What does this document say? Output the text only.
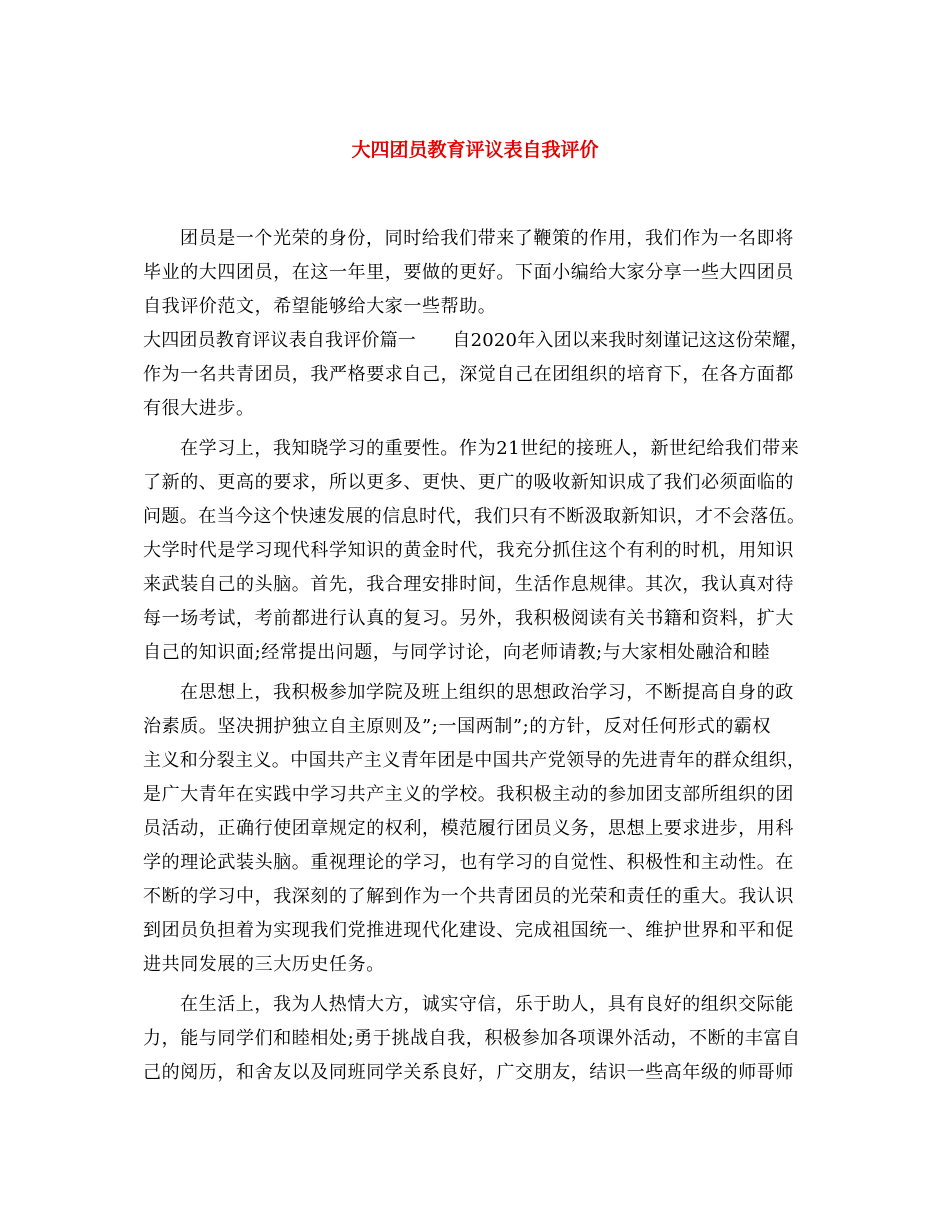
大四团员教育评议表自我评价
团员是一个光荣的身份，同时给我们带来了鞭策的作用，我们作为一名即将
毕业的大四团员，在这一年里，要做的更好。下面小编给大家分享一些大四团员
自我评价范文，希望能够给大家一些帮助。
大四团员教育评议表自我评价篇一　　自2020年入团以来我时刻谨记这这份荣耀，
作为一名共青团员，我严格要求自己，深觉自己在团组织的培育下，在各方面都
有很大进步。
在学习上，我知晓学习的重要性。作为21世纪的接班人，新世纪给我们带来
了新的、更高的要求，所以更多、更快、更广的吸收新知识成了我们必须面临的
问题。在当今这个快速发展的信息时代，我们只有不断汲取新知识，才不会落伍。
大学时代是学习现代科学知识的黄金时代，我充分抓住这个有利的时机，用知识
来武装自己的头脑。首先，我合理安排时间，生活作息规律。其次，我认真对待
每一场考试，考前都进行认真的复习。另外，我积极阅读有关书籍和资料，扩大
自己的知识面;经常提出问题，与同学讨论，向老师请教;与大家相处融洽和睦
在思想上，我积极参加学院及班上组织的思想政治学习，不断提高自身的政
治素质。坚决拥护独立自主原则及”;一国两制”;的方针，反对任何形式的霸权
主义和分裂主义。中国共产主义青年团是中国共产党领导的先进青年的群众组织，
是广大青年在实践中学习共产主义的学校。我积极主动的参加团支部所组织的团
员活动，正确行使团章规定的权利，模范履行团员义务，思想上要求进步，用科
学的理论武装头脑。重视理论的学习，也有学习的自觉性、积极性和主动性。在
不断的学习中，我深刻的了解到作为一个共青团员的光荣和责任的重大。我认识
到团员负担着为实现我们党推进现代化建设、完成祖国统一、维护世界和平和促
进共同发展的三大历史任务。
在生活上，我为人热情大方，诚实守信，乐于助人，具有良好的组织交际能
力，能与同学们和睦相处;勇于挑战自我，积极参加各项课外活动，不断的丰富自
己的阅历，和舍友以及同班同学关系良好，广交朋友，结识一些高年级的师哥师
